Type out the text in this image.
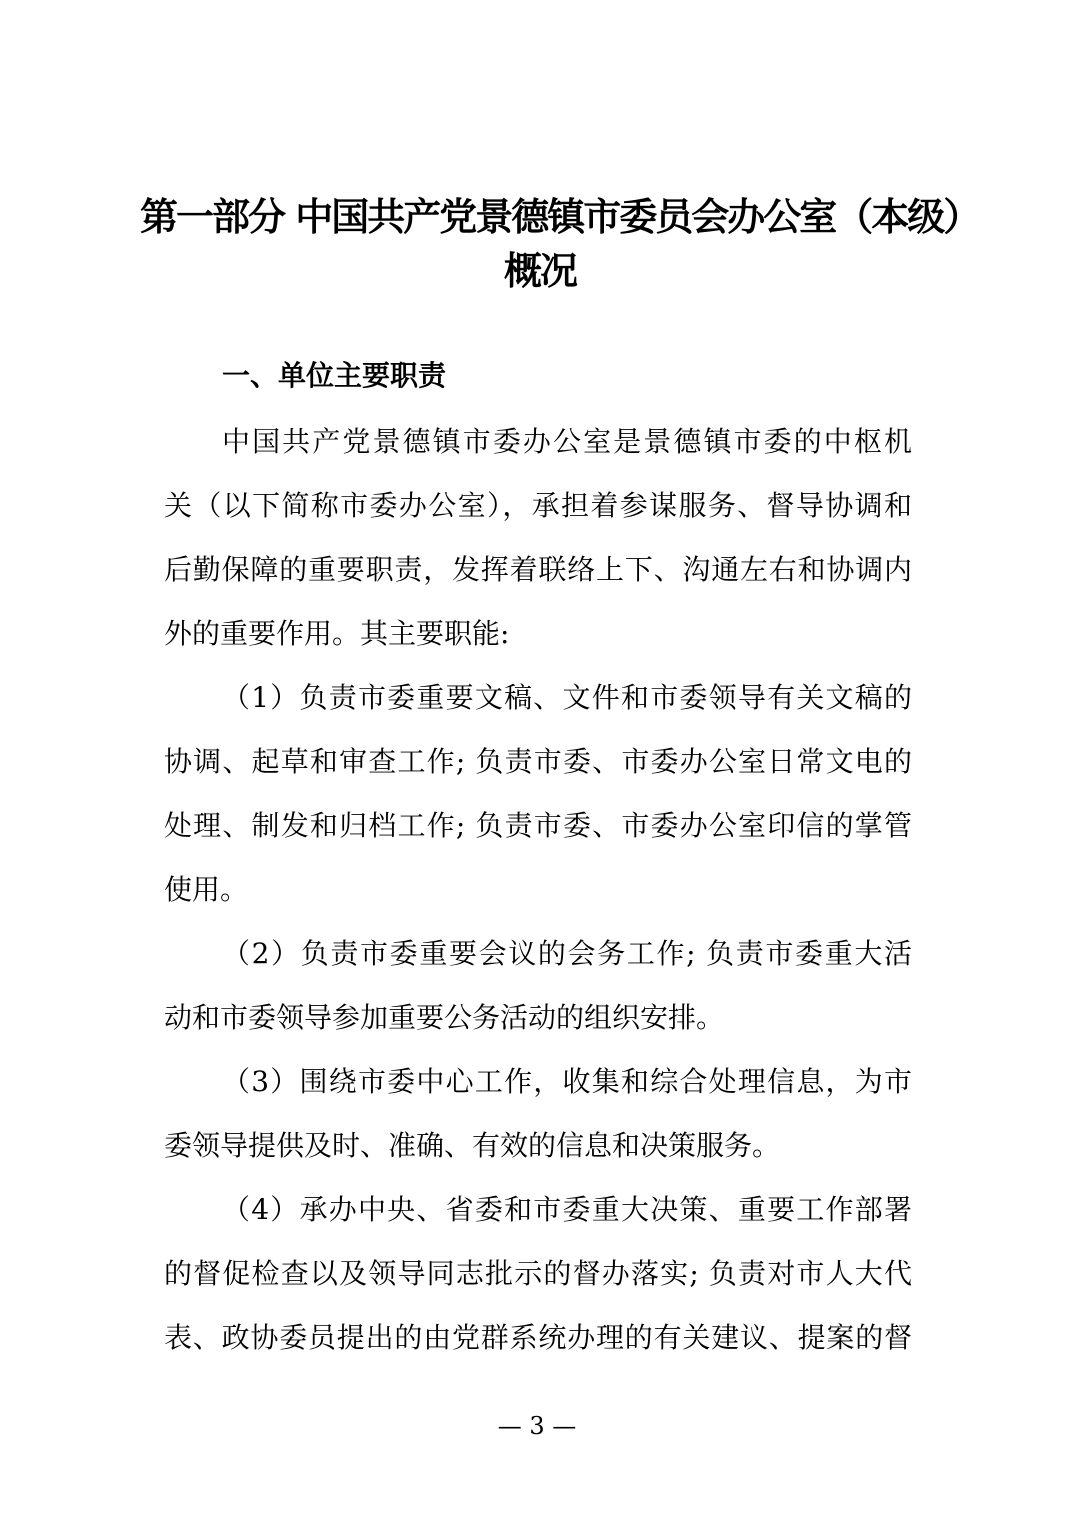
第一部分 中国共产党景德镇市委员会办公室（本级）
概况
一、单位主要职责
中国共产党景德镇市委办公室是景德镇市委的中枢机
关（以下简称市委办公室），承担着参谋服务、督导协调和
后勤保障的重要职责，发挥着联络上下、沟通左右和协调内
外的重要作用。其主要职能:
（1）负责市委重要文稿、文件和市委领导有关文稿的
协调、起草和审查工作; 负责市委、市委办公室日常文电的
处理、制发和归档工作; 负责市委、市委办公室印信的掌管
使用。
（2）负责市委重要会议的会务工作; 负责市委重大活
动和市委领导参加重要公务活动的组织安排。
（3）围绕市委中心工作，收集和综合处理信息，为市
委领导提供及时、准确、有效的信息和决策服务。
（4）承办中央、省委和市委重大决策、重要工作部署
的督促检查以及领导同志批示的督办落实; 负责对市人大代
表、政协委员提出的由党群系统办理的有关建议、提案的督
— 3 —
